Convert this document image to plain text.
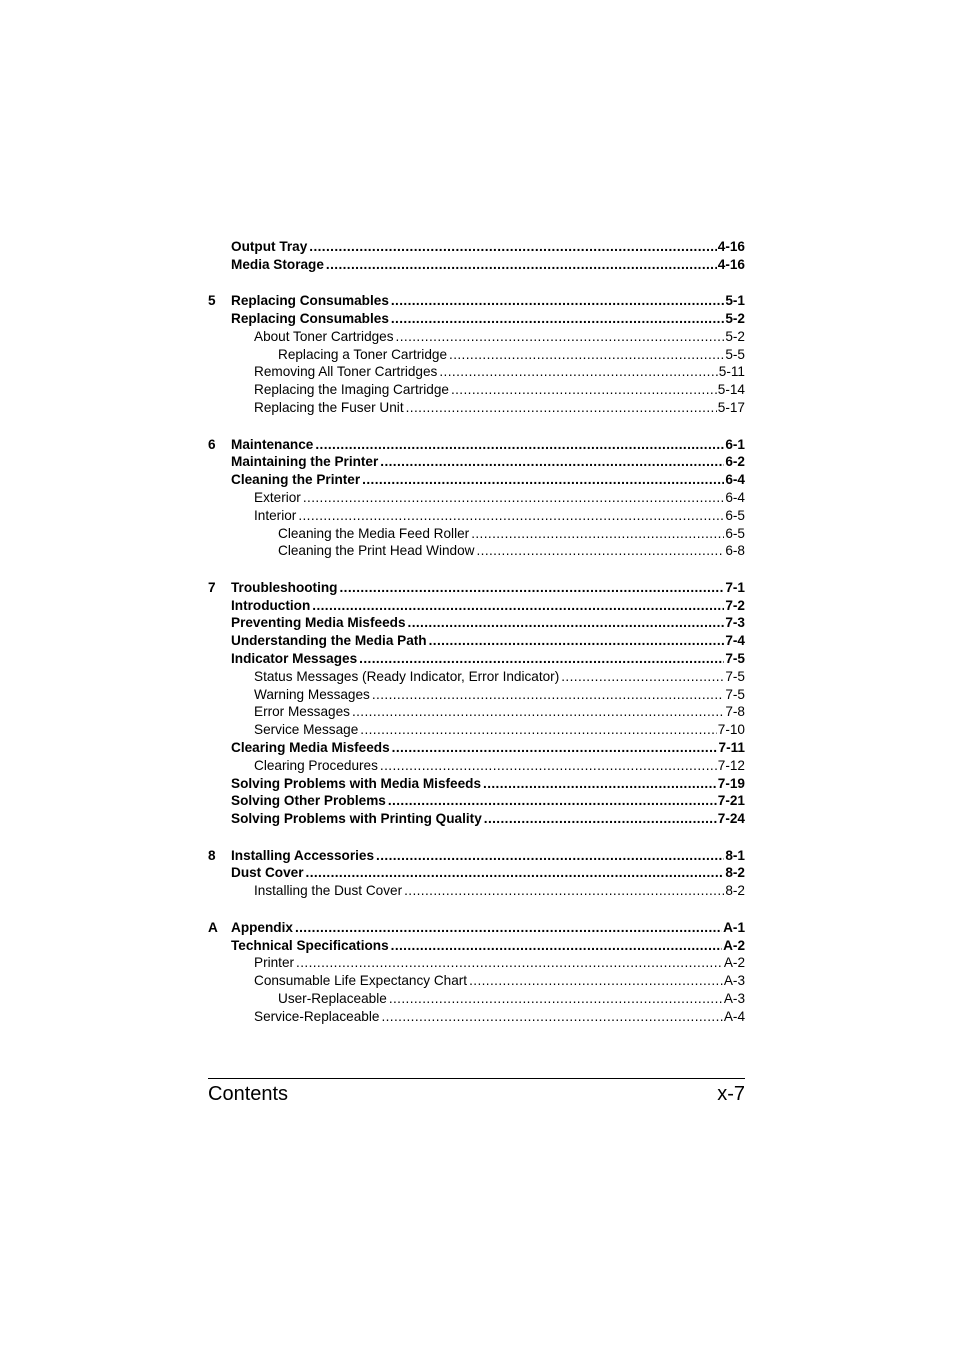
Output Tray .....	4-16
Media Storage .....	4-16
5 Replacing Consumables .....	5-1
Replacing Consumables .....	5-2
About Toner Cartridges .....	5-2
Replacing a Toner Cartridge .....	5-5
Removing All Toner Cartridges .....	5-11
Replacing the Imaging Cartridge .....	5-14
Replacing the Fuser Unit .....	5-17
6 Maintenance .....	6-1
Maintaining the Printer .....	6-2
Cleaning the Printer .....	6-4
Exterior .....	6-4
Interior .....	6-5
Cleaning the Media Feed Roller .....	6-5
Cleaning the Print Head Window .....	6-8
7 Troubleshooting .....	7-1
Introduction .....	7-2
Preventing Media Misfeeds .....	7-3
Understanding the Media Path .....	7-4
Indicator Messages .....	7-5
Status Messages (Ready Indicator, Error Indicator) .....	7-5
Warning Messages .....	7-5
Error Messages .....	7-8
Service Message .....	7-10
Clearing Media Misfeeds .....	7-11
Clearing Procedures .....	7-12
Solving Problems with Media Misfeeds .....	7-19
Solving Other Problems .....	7-21
Solving Problems with Printing Quality .....	7-24
8 Installing Accessories .....	8-1
Dust Cover .....	8-2
Installing the Dust Cover .....	8-2
A Appendix .....	A-1
Technical Specifications .....	A-2
Printer .....	A-2
Consumable Life Expectancy Chart .....	A-3
User-Replaceable .....	A-3
Service-Replaceable .....	A-4
Contents	x-7
